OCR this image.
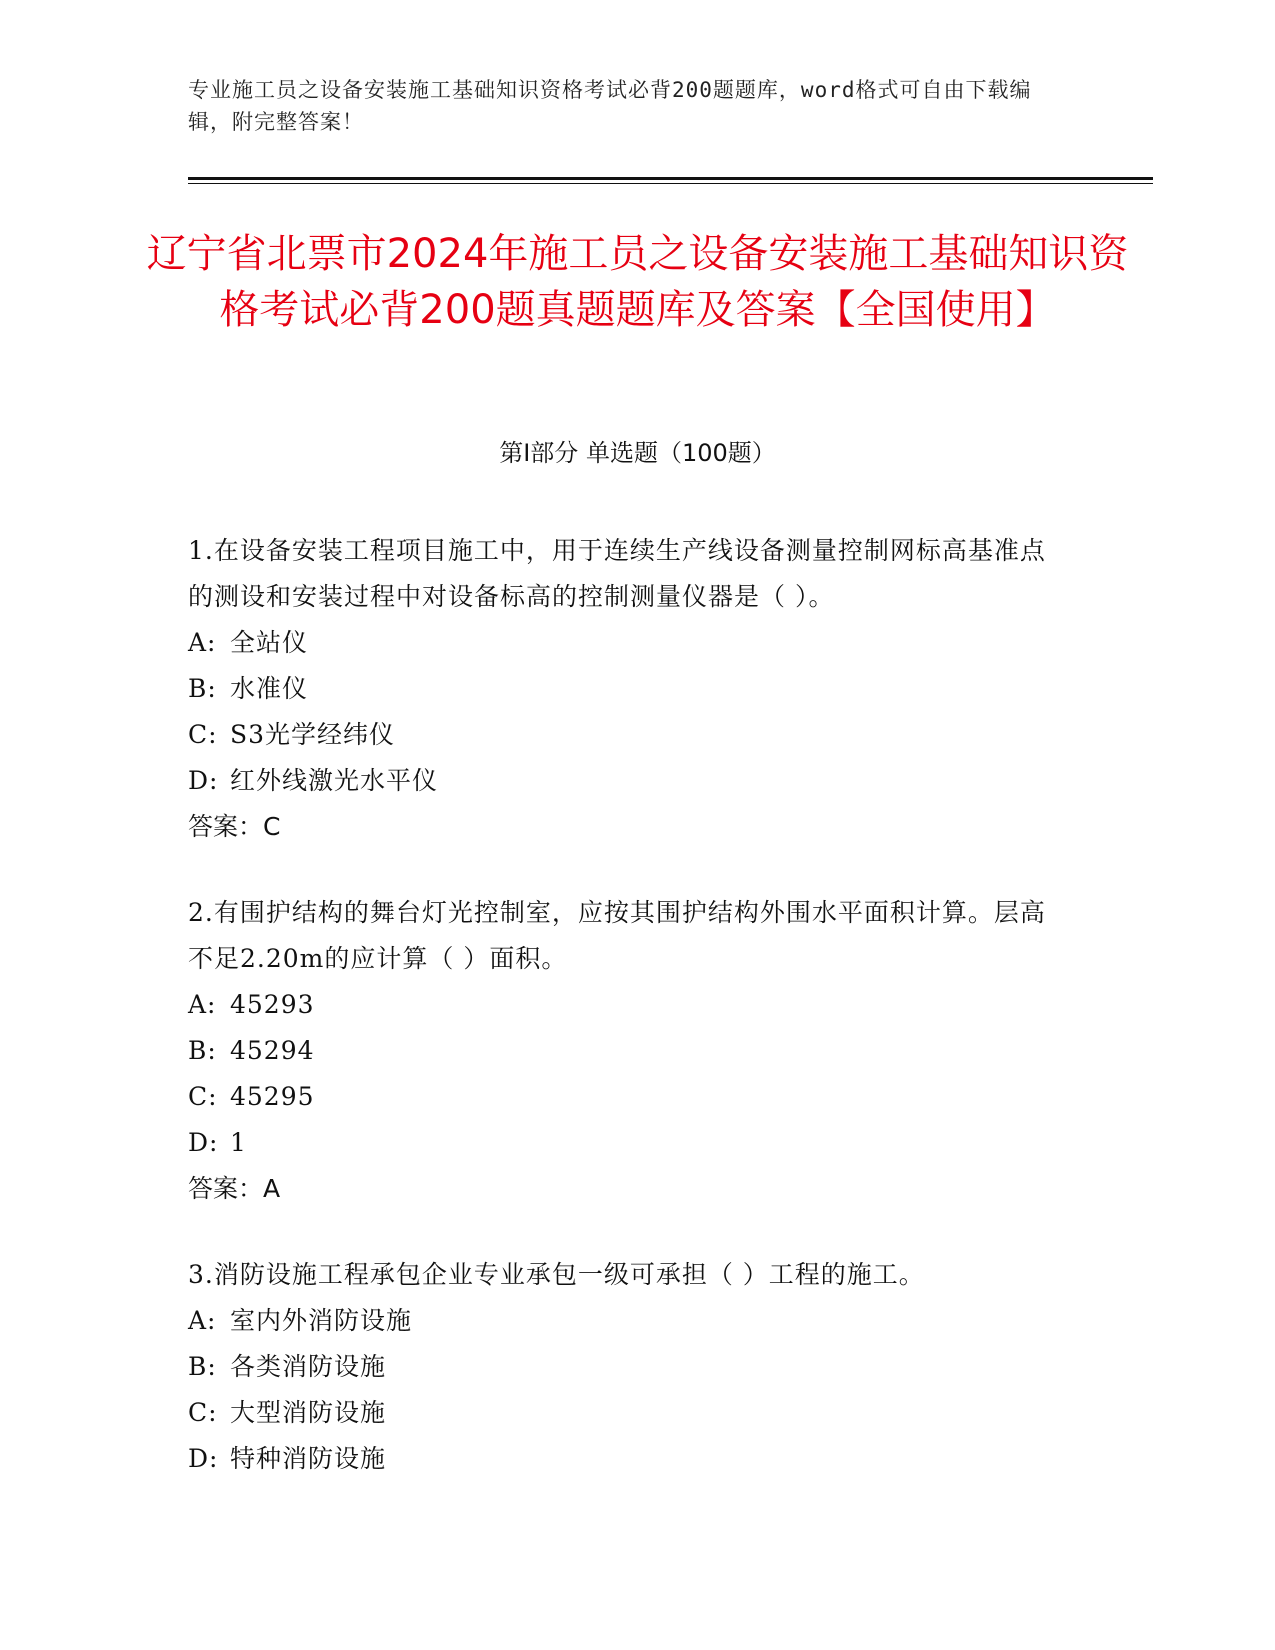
专业施工员之设备安装施工基础知识资格考试必背200题题库，word格式可自由下载编辑，附完整答案！
辽宁省北票市2024年施工员之设备安装施工基础知识资格考试必背200题真题题库及答案【全国使用】
第I部分 单选题（100题）
1.在设备安装工程项目施工中，用于连续生产线设备测量控制网标高基准点的测设和安装过程中对设备标高的控制测量仪器是（ ）。
A: 全站仪
B: 水准仪
C: S3光学经纬仪
D: 红外线激光水平仪
答案：C
2.有围护结构的舞台灯光控制室，应按其围护结构外围水平面积计算。层高不足2.20m的应计算（ ）面积。
A: 45293
B: 45294
C: 45295
D: 1
答案：A
3.消防设施工程承包企业专业承包一级可承担（ ）工程的施工。
A: 室内外消防设施
B: 各类消防设施
C: 大型消防设施
D: 特种消防设施
